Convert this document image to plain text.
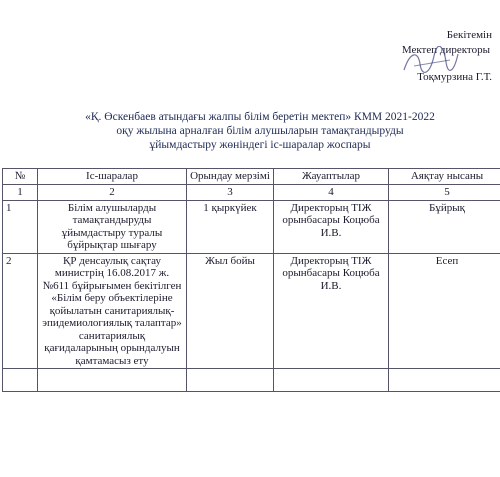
Бекітемін
Мектеп директоры
Тоқмурзина Г.Т.
«Қ. Өскенбаев атындағы жалпы білім беретін мектеп» КММ 2021-2022
оқу жылына арналған білім алушыларын тамақтандыруды
ұйымдастыру жөніндегі іс-шаралар жоспары
№	Іс-шаралар	Орындау мерзімі	Жауаптылар	Аяқтау нысаны
1	2	3	4	5
1	Білім алушыларды тамақтандыруды ұйымдастыру туралы бұйрықтар шығару	1 қыркүйек	Директорың ТІЖ орынбасары Коцюба И.В.	Бұйрық
2	ҚР денсаулық сақтау министрің 16.08.2017 ж. №611 бұйрығымен бекітілген «Білім беру объектілеріне қойылатын санитариялық-эпидемиологиялық талаптар» санитариялық қағидаларының орындалуын қамтамасыз ету	Жыл бойы	Директорың ТІЖ орынбасары Коцюба И.В.	Есеп
